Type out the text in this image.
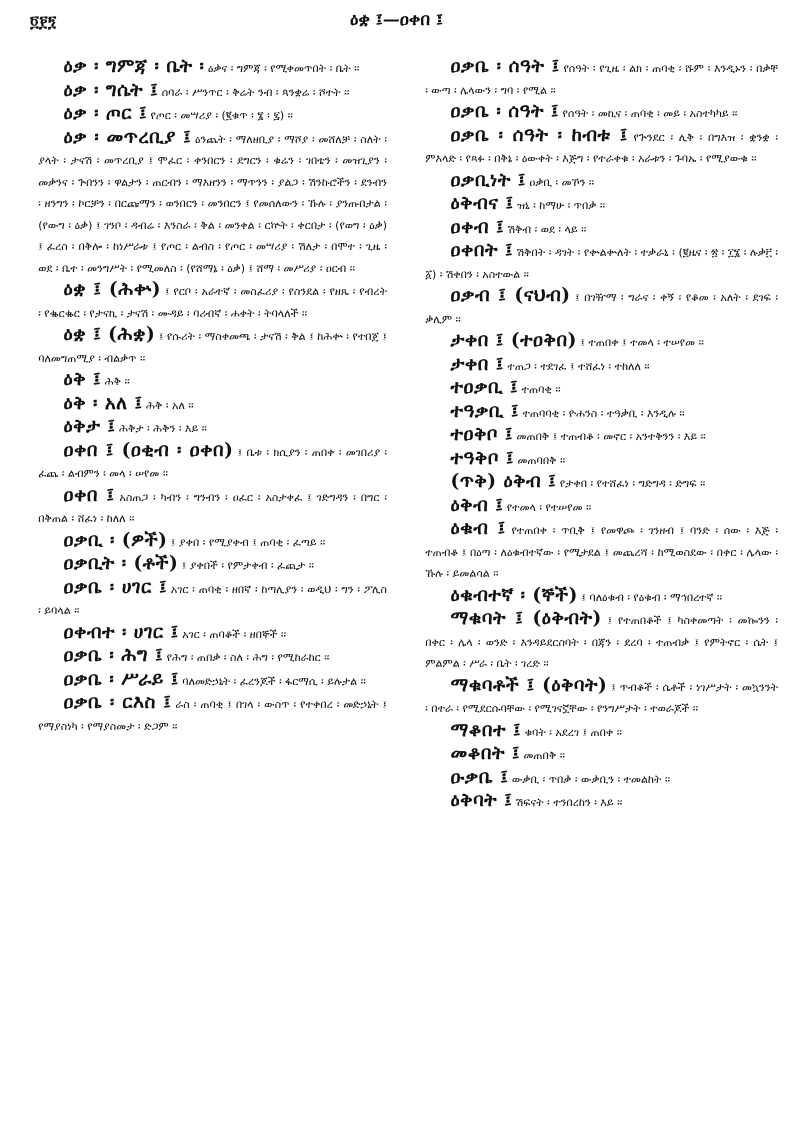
፬፻፺	ዕቋ ፤—ዐቀበ ፤

ዕቃ ፡ ግምጃ ፡ ቤት ፡ ዕቃና ፡ ግምጃ ፡ የሚቀመጥበት ፡ ቤት ፡፡

ዕቃ ፡ ግሴት ፤ ሰባራ ፡ ሥንጥር ፡ ቅሬት ንብ ፡ ጳንቋሬ ፡ ሾተት ፡፡

ዕቃ ፡ ጦር ፤ የጦር ፡ መሣሪያ ፡ (፪ቁጥ ፡ ፮ ፡ ፯) ፡፡

ዕቃ ፡ መጥረቢያ ፤ ዕንጨት ፡ ማለዘቢያ ፡ ማሾያ ፡ መሸለቻ ፡ ስለት ፡ ያላት ፡ ታናሽ ፡ መጥረቢያ ፤ ሞፈር ፡ ቀንበርን ፡ ደግርን ፡ ቁሬን ፡ ገበቴን ፡ መዝጊያን ፡ መቃንና ፡ ጕበንን ፡ ዋልታን ፡ ጠርብን ፡ ማእዘንን ፡ ማጥንን ፡ ያልጋ ፡ ሽንኩሮችን ፡ ደንብን ፡ ዘንግን ፡ ኮርቻን ፡ በርጩማን ፡ ወንበርን ፡ መንበርን ፤ የመሰለውን ፡ ኹሉ ፡ ያንጡበታል ፡ (የውግ ፡ ዕቃ) ፤ ገንቦ ፡ ዳብሬ ፡ እንስራ ፡ ቅል ፡ መንቀል ፡ ርኵት ፡ ቀርበታ ፡ (የወግ ፡ ዕቃ) ፤ ፈረስ ፡ በቅሎ ፡ ከነሥራቱ ፤ የጦር ፡ ልብስ ፡ የጦር ፡ መሣሪያ ፡ ሽለታ ፡ በሞተ ፡ ጊዜ ፡ ወደ ፡ ቤተ ፡ መንግሥት ፡ የሚመለስ ፡ (የሸማኔ ፡ ዕቃ) ፤ ሸማ ፡ መሥሪያ ፡ ዐርብ ፡፡

ዕቋ ፤ (ሕቍ) ፤ የርቦ ፡ አራተኛ ፡ መስፈሪያ ፡ የስንደል ፡ የዘጼ ፡ የብረት ፡ የቈርቈር ፡ የታናኪ ፡ ታናሽ ፡ ሙዳይ ፡ ባሪብኛ ፡ ሐቀት ፡ ትባላለች ፡፡

ዕቋ ፤ (ሕቋ) ፤ የሱሪት ፡ ማስቀመጫ ፡ ታናሽ ፡ ቅል ፤ ከሕቍ ፡ የተበጀ ፤ ባለመግጠሚያ ፡ ብልቃጥ ፡፡

ዕቅ ፤ ሕቅ ፡፡

ዕቅ ፡ አለ ፤ ሕቅ ፡ አለ ፡፡

ዕቅታ ፤ ሕቅታ ፡ ሕቅን ፡ እይ ፡፡

ዐቀበ ፤ (ዐቂብ ፡ ዐቀበ) ፤ ቤቱ ፡ ክሲያን ፡ ጠበቀ ፡ መገበሪያ ፡ ፈጨ ፡ ልብምን ፡ መላ ፡ ሠየመ ፡፡

ዐቀበ ፤ አስጠጋ ፡ ካብን ፡ ግንብን ፡ ዐፈር ፡ አስታቀፈ ፤ ገድግዳን ፡ በግር ፡ በቅጠል ፡ ሸፈነ ፡ ከለለ ፡፡

ዐቃቢ ፡ (ዎች) ፤ ያቀበ ፡ የሚያቀብ ፤ ጠባቂ ፡ ፈጣይ ፡፡

ዐቃቢት ፡ (ቶች) ፤ ያቀበች ፡ የምታቀብ ፡ ፈጪታ ፡፡

ዐቃቤ ፡ ሀገር ፤ አገር ፡ ጠባቂ ፡ ዘበኛ ፡ ከጣሊያን ፡ ወዲህ ፡ ግን ፡ ፖሊስ ፡ ይባላል ፡፡

ዐቀብተ ፡ ሀገር ፤ አገር ፡ ጠባቆች ፡ ዘበኞች ፡፡

ዐቃቤ ፡ ሕግ ፤ የሕግ ፡ ጠበቃ ፡ ስለ ፡ ሕግ ፡ የሚከራከር ፡፡

ዐቃቤ ፡ ሥራይ ፤ ባለመድኃኒት ፡ ፈረንጆች ፡ ፋርማሲ ፡ ይሉታል ፡፡

ዐቃቤ ፡ ርእስ ፤ ራስ ፡ ጠባቂ ፤ በገላ ፡ ውስጥ ፡ የተቀበረ ፡ መድኃኒት ፤ የማያስነካ ፡ የማያስመታ ፡ ድጋም ፡፡

ዐቃቤ ፡ ሰዓት ፤ የሰዓት ፡ የጊዜ ፡ ልክ ፡ ጠባቂ ፡ ሹም ፡ እንዲኑን ፡ በቃቸ ፡ ውጣ ፡ ሌላውን ፡ ግባ ፡ የሚል ፡፡

ዐቃቤ ፡ ሰዓት ፤ የሰዓት ፡ መኪና ፡ ጠባቂ ፡ መይ ፡ አስተካካይ ፡፡

ዐቃቤ ፡ ሰዓት ፡ ከብቱ ፤ የጕንደር ፡ ሊቅ ፡ በግእዝ ፡ ቋንቋ ፡ ምእላድ ፡ የጻፉ ፡ በቅኔ ፡ ዕውቀት ፡ እጅግ ፡ የተራቀቁ ፡ አራቱን ፡ ጉባኤ ፡ የሚያውቁ ፡፡

ዐቃቢነት ፤ ዐቃቢ ፡ መኾን ፡፡

ዕቅብና ፤ ዝኒ ፡ ከማሁ ፡ ጥበቃ ፡፡

ዐቀብ ፤ ሽቅብ ፡ ወደ ፡ ላይ ፡፡

ዐቀበት ፤ ሽቅበት ፡ ዳገት ፡ የቍልቍለት ፡ ተቃራኒ ፡ (፪ዜና ፡ ፳ ፡ ፲፮ ፡ ሉቃ፫ ፡ ፩) ፡ ሽቀበን ፡ አስተውል ፡፡

ዐቃብ ፤ (ናህብ) ፤ በገዥማ ፡ ግራና ፡ ቀኝ ፡ የቆመ ፡ አለት ፡ ደገፍ ፡ ቃሊም ፡፡

ታቀበ ፤ (ተዐቅበ) ፤ ተጠበቀ ፤ ተመላ ፡ ተሠየመ ፡፡

ታቀበ ፤ ተጠጋ ፡ ተደገፈ ፤ ተሸፈነ ፡ ተከለለ ፡፡

ተዐቃቢ ፤ ተጠባቂ ፡፡

ተዓቃቢ ፤ ተጠባባቂ ፡ ዮሐንስ ፡ ተዓቃቢ ፡ እንዲሉ ፡፡

ተዐቅቦ ፤ መጠበቅ ፤ ተጠብቆ ፡ መኖር ፡ አንተቅንን ፡ እይ ፡፡

ተዓቅቦ ፤ መጠባበቅ ፡፡

(ጥቅ) ዕቅብ ፤ የታቀበ ፡ የተሸፈነ ፡ ግድግዳ ፡ ድግፍ ፡፡

ዕቅብ ፤ የተመላ ፡ የተሠየመ ፡፡

ዕቁብ ፤ የተጠበቀ ፡ ጥቢቅ ፤ የመዋጮ ፡ ገንዘብ ፤ ባንድ ፡ ሰው ፡ እጅ ፡ ተጠብቆ ፤ በዕጣ ፡ ለዕቁብተኛው ፡ የሚታደል ፤ መጨረሻ ፡ ከሚወስደው ፡ በቀር ፡ ሌላው ፡ ኹሉ ፡ ይመልሳል ፡፡

ዕቁብተኛ ፡ (ኞች) ፤ ባለዕቁብ ፡ የዕቁብ ፡ ማኅበረተኛ ፡፡

ማቁባት ፤ (ዕቅብት) ፤ የተጠበቆች ፤ ካስቀመጣት ፡ መኰንን ፡ በቀር ፡ ሌላ ፡ ወንድ ፡ እንዳይደርስባት ፡ በጃን ፡ ደረባ ፡ ተጠብቃ ፤ የምትኖር ፡ ሴት ፤ ምልምል ፡ ሥራ ፡ ቤት ፡ ገረድ ፡፡

ማቁባቶች ፤ (ዕቅባት) ፤ ጥብቆች ፡ ሴቶች ፡ ነገሥታት ፡ መኳንንት ፡ በተራ ፡ የሚደርሱባቸው ፡ የሚገናኟቸው ፡ የንግሥታት ፡ ተወራጆች ፡፡

ማቆበተ ፤ ቁባት ፡ አደረገ ፤ ጠበቀ ፡፡

መቆበት ፤ መጠበቅ ፡፡

ዑቃቤ ፤ ውቃቢ ፡ ጥበቃ ፡ ውቃቢን ፡ ተመልከት ፡፡

ዕቅባት ፤ ሽፍናት ፡ ተንበረከን ፡ እይ ፡፡
